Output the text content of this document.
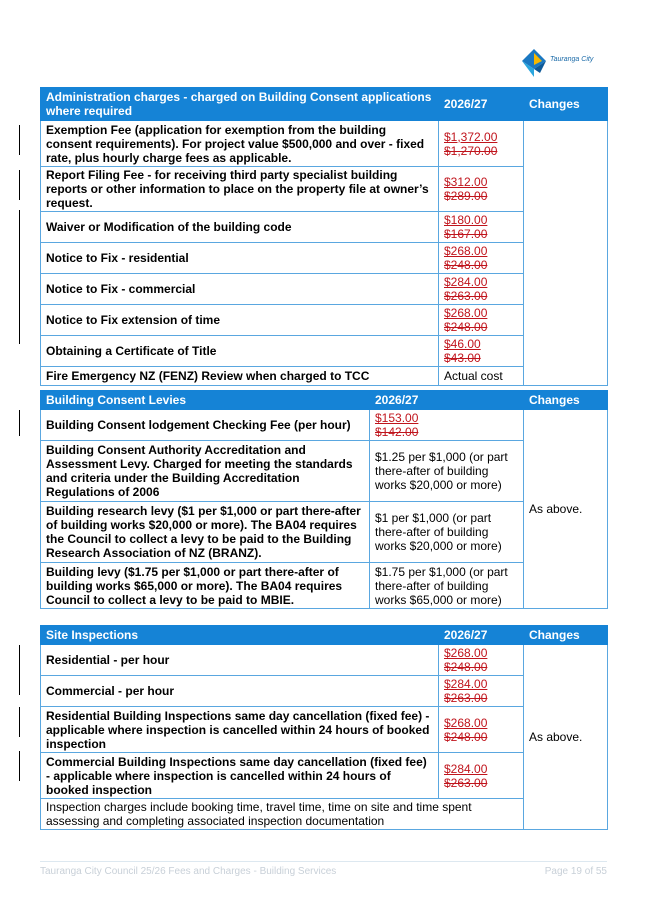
Tauranga City
Administration charges - charged on Building Consent applications where required	2026/27	Changes
Exemption Fee (application for exemption from the building consent requirements). For project value $500,000 and over - fixed rate, plus hourly charge fees as applicable.	$1,372.00
$1,270.00	

Report Filing Fee - for receiving third party specialist building reports or other information to place on the property file at owner’s request.	$312.00
$289.00	

Waiver or Modification of the building code	$180.00
$167.00	

Notice to Fix - residential	$268.00
$248.00	

Notice to Fix - commercial	$284.00
$263.00	

Notice to Fix extension of time	$268.00
$248.00	

Obtaining a Certificate of Title	$46.00
$43.00	

Fire Emergency NZ (FENZ) Review when charged to TCC	Actual cost	
Building Consent Levies	2026/27	Changes
Building Consent lodgement Checking Fee (per hour)	$153.00
$142.00	As above.
Building Consent Authority Accreditation and Assessment Levy. Charged for meeting the standards and criteria under the Building Accreditation Regulations of 2006	$1.25 per $1,000 (or part there-after of building works $20,000 or more)	
Building research levy ($1 per $1,000 or part there-after of building works $20,000 or more). The BA04 requires the Council to collect a levy to be paid to the Building Research Association of NZ (BRANZ).	$1 per $1,000 (or part there-after of building works $20,000 or more)	
Building levy ($1.75 per $1,000 or part there-after of building works $65,000 or more). The BA04 requires Council to collect a levy to be paid to MBIE.	$1.75 per $1,000 (or part there-after of building works $65,000 or more)	
Site Inspections	2026/27	Changes
Residential - per hour	$268.00
$248.00	As above.
Commercial - per hour	$284.00
$263.00	

Residential Building Inspections same day cancellation (fixed fee) - applicable where inspection is cancelled within 24 hours of booked inspection	$268.00
$248.00	

Commercial Building Inspections same day cancellation (fixed fee) - applicable where inspection is cancelled within 24 hours of booked inspection	$284.00
$263.00	

Inspection charges include booking time, travel time, time on site and time spent assessing and completing associated inspection documentation		
Tauranga City Council 25/26 Fees and Charges - Building Services	Page 19 of 55
